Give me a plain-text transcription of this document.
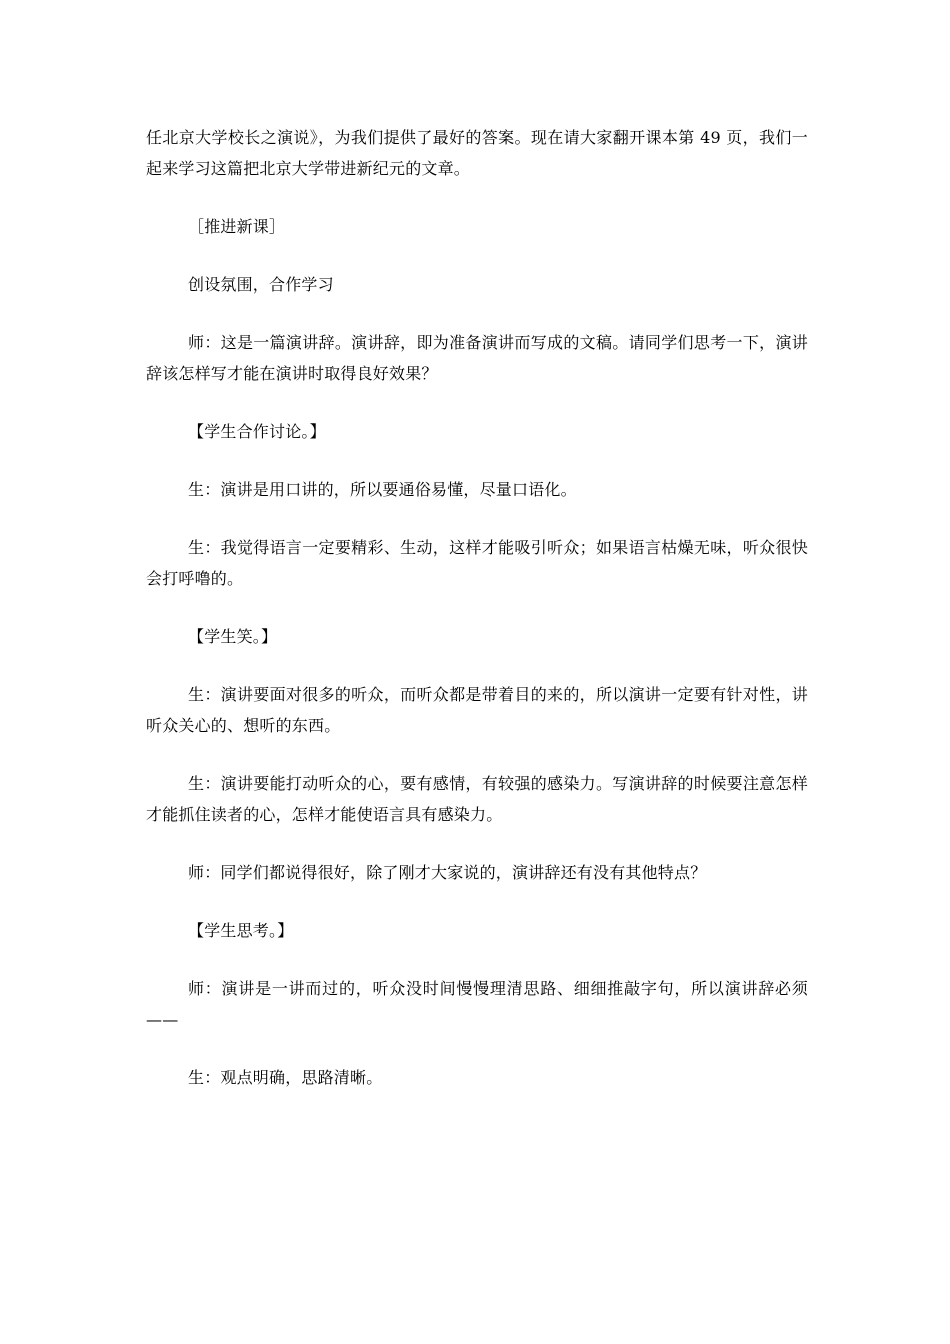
任北京大学校长之演说》，为我们提供了最好的答案。现在请大家翻开课本第 49 页，我们一起来学习这篇把北京大学带进新纪元的文章。

［推进新课］

创设氛围，合作学习

师：这是一篇演讲辞。演讲辞，即为准备演讲而写成的文稿。请同学们思考一下，演讲辞该怎样写才能在演讲时取得良好效果？

【学生合作讨论。】

生：演讲是用口讲的，所以要通俗易懂，尽量口语化。

生：我觉得语言一定要精彩、生动，这样才能吸引听众；如果语言枯燥无味，听众很快会打呼噜的。

【学生笑。】

生：演讲要面对很多的听众，而听众都是带着目的来的，所以演讲一定要有针对性，讲听众关心的、想听的东西。

生：演讲要能打动听众的心，要有感情，有较强的感染力。写演讲辞的时候要注意怎样才能抓住读者的心，怎样才能使语言具有感染力。

师：同学们都说得很好，除了刚才大家说的，演讲辞还有没有其他特点？

【学生思考。】

师：演讲是一讲而过的，听众没时间慢慢理清思路、细细推敲字句，所以演讲辞必须——

生：观点明确，思路清晰。
